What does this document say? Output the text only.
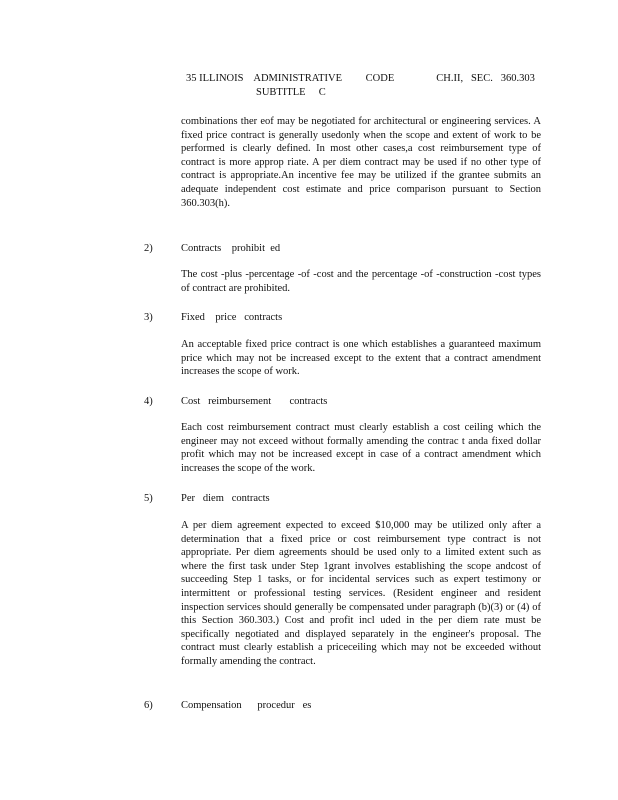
35 ILLINOIS    ADMINISTRATIVE         CODE                CH.II,   SEC.   360.303
SUBTITLE     C
combinations ther eof may be negotiated for architectural or engineering services. A fixed price contract is generally usedonly when the scope and extent of work to be performed is clearly defined. In most other cases,a cost reimbursement type of contract is more approp riate. A per diem contract may be used if no other type of contract is appropriate.An incentive fee may be utilized if the grantee submits an adequate independent cost estimate and price comparison pursuant to Section 360.303(h).
2)	Contracts    prohibit  ed
The cost -plus -percentage -of -cost and the percentage -of -construction -cost types of contract are prohibited.
3)	Fixed    price   contracts
An acceptable fixed price contract is one which establishes a guaranteed maximum price which may not be increased except to the extent that a contract amendment increases the scope of work.
4)	Cost   reimbursement       contracts
Each cost reimbursement contract must clearly establish a cost ceiling which the engineer may not exceed without formally amending the contrac t anda fixed dollar profit which may not be increased except in case of a contract amendment which increases the scope of the work.
5)	Per   diem   contracts
A per diem agreement expected to exceed $10,000 may be utilized only after a determination that a fixed price or cost reimbursement type contract is not appropriate. Per diem agreements should be used only to a limited extent such as where the first task under Step 1grant involves establishing the scope andcost of succeeding Step 1 tasks, or for incidental services such as expert testimony or intermittent or professional testing services. (Resident engineer and resident inspection services should generally be compensated under paragraph (b)(3) or (4) of this Section 360.303.) Cost and profit incl uded in the per diem rate must be specifically negotiated and displayed separately in the engineer's proposal. The contract must clearly establish a priceceiling which may not be exceeded without formally amending the contract.
6)	Compensation      procedur   es
